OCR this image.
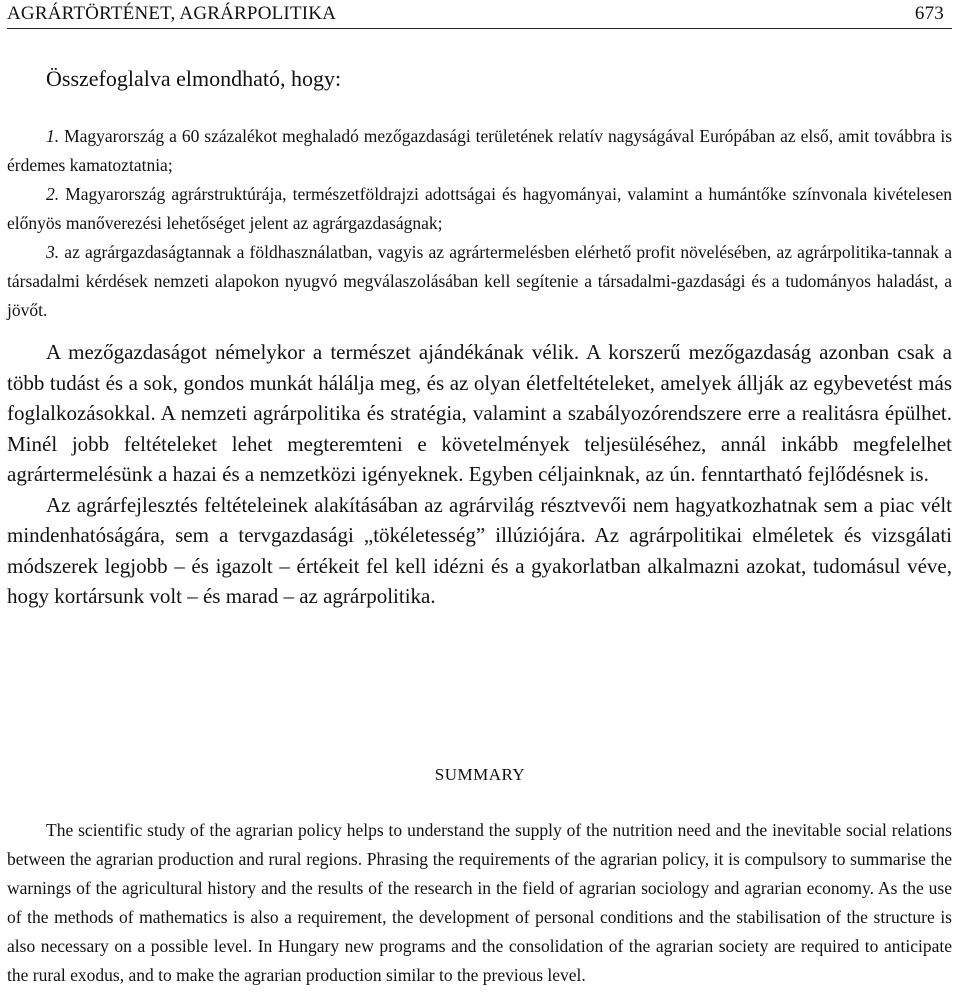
AGRÁRTÖRTÉNET, AGRÁRPOLITIKA	673
Összefoglalva elmondható, hogy:

1. Magyarország a 60 százalékot meghaladó mezőgazdasági területének relatív nagyságával Európában az első, amit továbbra is érdemes kamatoztatnia;

2. Magyarország agrárstruktúrája, természetföldrajzi adottságai és hagyományai, valamint a humántőke színvonala kivételesen előnyös manőverezési lehetőséget jelent az agrárgazdaságnak;

3. az agrárgazdaságtannak a földhasználatban, vagyis az agrártermelésben elérhető profit növelésében, az agrárpolitika-tannak a társadalmi kérdések nemzeti alapokon nyugvó megválaszolásában kell segítenie a társadalmi-gazdasági és a tudományos haladást, a jövőt.

A mezőgazdaságot némelykor a természet ajándékának vélik. A korszerű mezőgazdaság azonban csak a több tudást és a sok, gondos munkát hálálja meg, és az olyan életfeltételeket, amelyek állják az egybevetést más foglalkozásokkal. A nemzeti agrárpolitika és stratégia, valamint a szabályozórendszere erre a realitásra épülhet. Minél jobb feltételeket lehet megteremteni e követelmények teljesüléséhez, annál inkább megfelelhet agrártermelésünk a hazai és a nemzetközi igényeknek. Egyben céljainknak, az ún. fenntartható fejlődésnek is.

Az agrárfejlesztés feltételeinek alakításában az agrárvilág résztvevői nem hagyatkozhatnak sem a piac vélt mindenhatóságára, sem a tervgazdasági „tökéletesség” illúziójára. Az agrárpolitikai elméletek és vizsgálati módszerek legjobb – és igazolt – értékeit fel kell idézni és a gyakorlatban alkalmazni azokat, tudomásul véve, hogy kortársunk volt – és marad – az agrárpolitika.

SUMMARY

The scientific study of the agrarian policy helps to understand the supply of the nutrition need and the inevitable social relations between the agrarian production and rural regions. Phrasing the requirements of the agrarian policy, it is compulsory to summarise the warnings of the agricultural history and the results of the research in the field of agrarian sociology and agrarian economy. As the use of the methods of mathematics is also a requirement, the development of personal conditions and the stabilisation of the structure is also necessary on a possible level. In Hungary new programs and the consolidation of the agrarian society are required to anticipate the rural exodus, and to make the agrarian production similar to the previous level.
